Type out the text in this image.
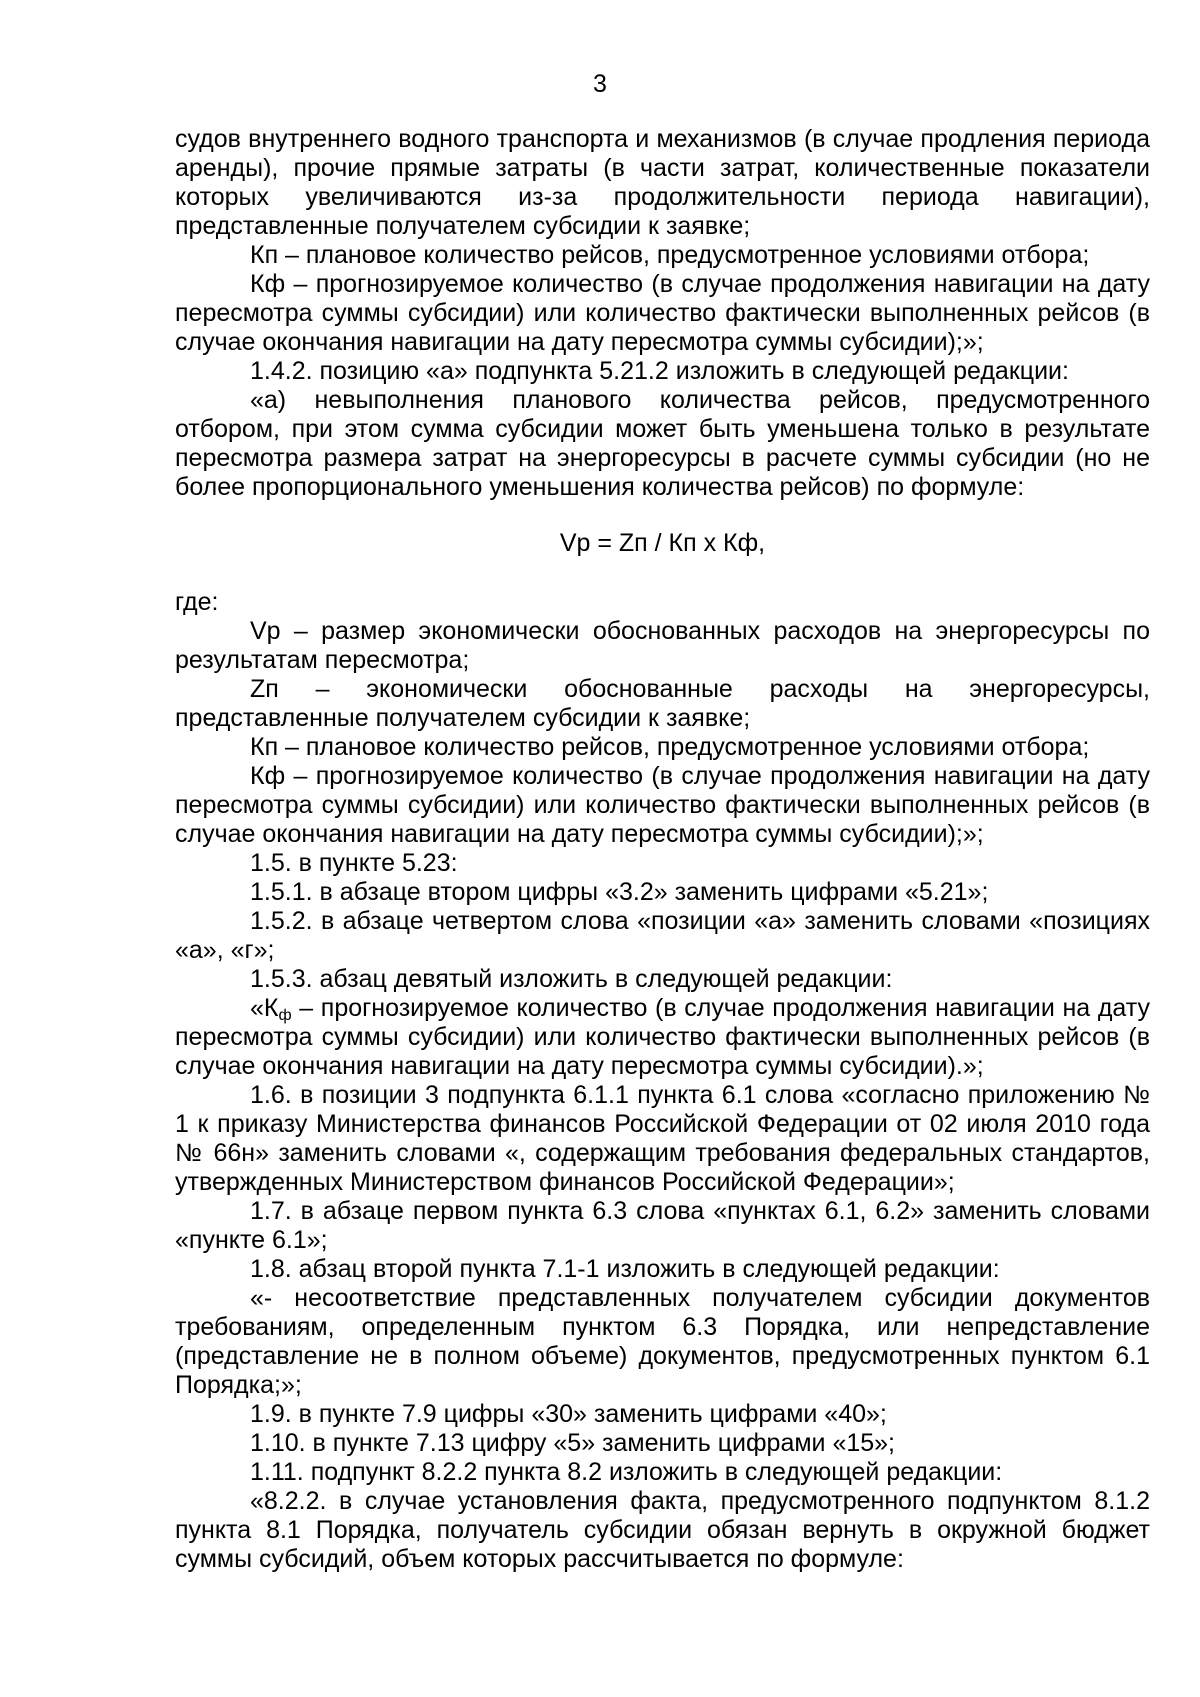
3

судов внутреннего водного транспорта и механизмов (в случае продления периода аренды), прочие прямые затраты (в части затрат, количественные показатели которых увеличиваются из-за продолжительности периода навигации), представленные получателем субсидии к заявке;

Кп – плановое количество рейсов, предусмотренное условиями отбора;

Кф – прогнозируемое количество (в случае продолжения навигации на дату пересмотра суммы субсидии) или количество фактически выполненных рейсов (в случае окончания навигации на дату пересмотра суммы субсидии);»;

1.4.2. позицию «а» подпункта 5.21.2 изложить в следующей редакции:

«а) невыполнения планового количества рейсов, предусмотренного отбором, при этом сумма субсидии может быть уменьшена только в результате пересмотра размера затрат на энергоресурсы в расчете суммы субсидии (но не более пропорционального уменьшения количества рейсов) по формуле:

Vр = Zп / Кп х Кф,

где:

Vр – размер экономически обоснованных расходов на энергоресурсы по результатам пересмотра;

Zп – экономически обоснованные расходы на энергоресурсы, представленные получателем субсидии к заявке;

Кп – плановое количество рейсов, предусмотренное условиями отбора;

Кф – прогнозируемое количество (в случае продолжения навигации на дату пересмотра суммы субсидии) или количество фактически выполненных рейсов (в случае окончания навигации на дату пересмотра суммы субсидии);»;

1.5. в пункте 5.23:

1.5.1. в абзаце втором цифры «3.2» заменить цифрами «5.21»;

1.5.2. в абзаце четвертом слова «позиции «а» заменить словами «позициях «а», «г»;

1.5.3. абзац девятый изложить в следующей редакции:

«$К_ф$ – прогнозируемое количество (в случае продолжения навигации на дату пересмотра суммы субсидии) или количество фактически выполненных рейсов (в случае окончания навигации на дату пересмотра суммы субсидии).»;

1.6. в позиции 3 подпункта 6.1.1 пункта 6.1 слова «согласно приложению № 1 к приказу Министерства финансов Российской Федерации от 02 июля 2010 года № 66н» заменить словами «, содержащим требования федеральных стандартов, утвержденных Министерством финансов Российской Федерации»;

1.7. в абзаце первом пункта 6.3 слова «пунктах 6.1, 6.2» заменить словами «пункте 6.1»;

1.8. абзац второй пункта 7.1-1 изложить в следующей редакции:

«- несоответствие представленных получателем субсидии документов требованиям, определенным пунктом 6.3 Порядка, или непредставление (представление не в полном объеме) документов, предусмотренных пунктом 6.1 Порядка;»;

1.9. в пункте 7.9 цифры «30» заменить цифрами «40»;

1.10. в пункте 7.13 цифру «5» заменить цифрами «15»;

1.11. подпункт 8.2.2 пункта 8.2 изложить в следующей редакции:

«8.2.2. в случае установления факта, предусмотренного подпунктом 8.1.2 пункта 8.1 Порядка, получатель субсидии обязан вернуть в окружной бюджет суммы субсидий, объем которых рассчитывается по формуле:
